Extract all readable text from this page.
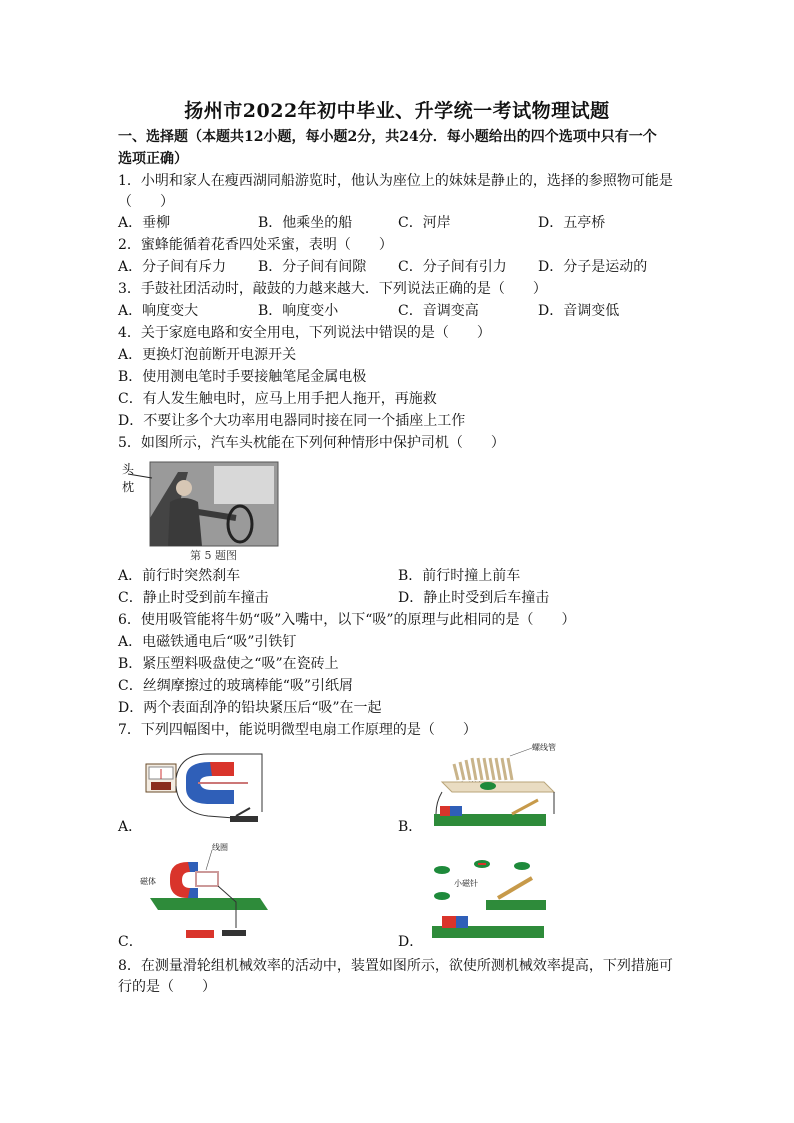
扬州市2022年初中毕业、升学统一考试物理试题
一、选择题（本题共12小题，每小题2分，共24分．每小题给出的四个选项中只有一个
选项正确）
1．小明和家人在瘦西湖同船游览时，他认为座位上的妹妹是静止的，选择的参照物可能是
（　　）
A．垂柳	B．他乘坐的船	C．河岸	D．五亭桥
2．蜜蜂能循着花香四处采蜜，表明（　　）
A．分子间有斥力 B．分子间有间隙 C．分子间有引力 D．分子是运动的
3．手鼓社团活动时，敲鼓的力越来越大．下列说法正确的是（　　）
A．响度变大	B．响度变小	C．音调变高	D．音调变低
4．关于家庭电路和安全用电，下列说法中错误的是（　　）
A．更换灯泡前断开电源开关
B．使用测电笔时手要接触笔尾金属电极
C．有人发生触电时，应马上用手把人拖开，再施救
D．不要让多个大功率用电器同时接在同一个插座上工作
5．如图所示，汽车头枕能在下列何种情形中保护司机（　　）
头
枕
第 5 题图
A．前行时突然刹车	B．前行时撞上前车
C．静止时受到前车撞击	D．静止时受到后车撞击
6．使用吸管能将牛奶“吸”入嘴中，以下“吸”的原理与此相同的是（　　）
A．电磁铁通电后“吸”引铁钉
B．紧压塑料吸盘使之“吸”在瓷砖上
C．丝绸摩擦过的玻璃棒能“吸”引纸屑
D．两个表面刮净的铅块紧压后“吸”在一起
7．下列四幅图中，能说明微型电扇工作原理的是（　　）
A．
螺线管
B．
线圈
磁体
C．
小磁针
D．
8．在测量滑轮组机械效率的活动中，装置如图所示，欲使所测机械效率提高，下列措施可
行的是（　　）
